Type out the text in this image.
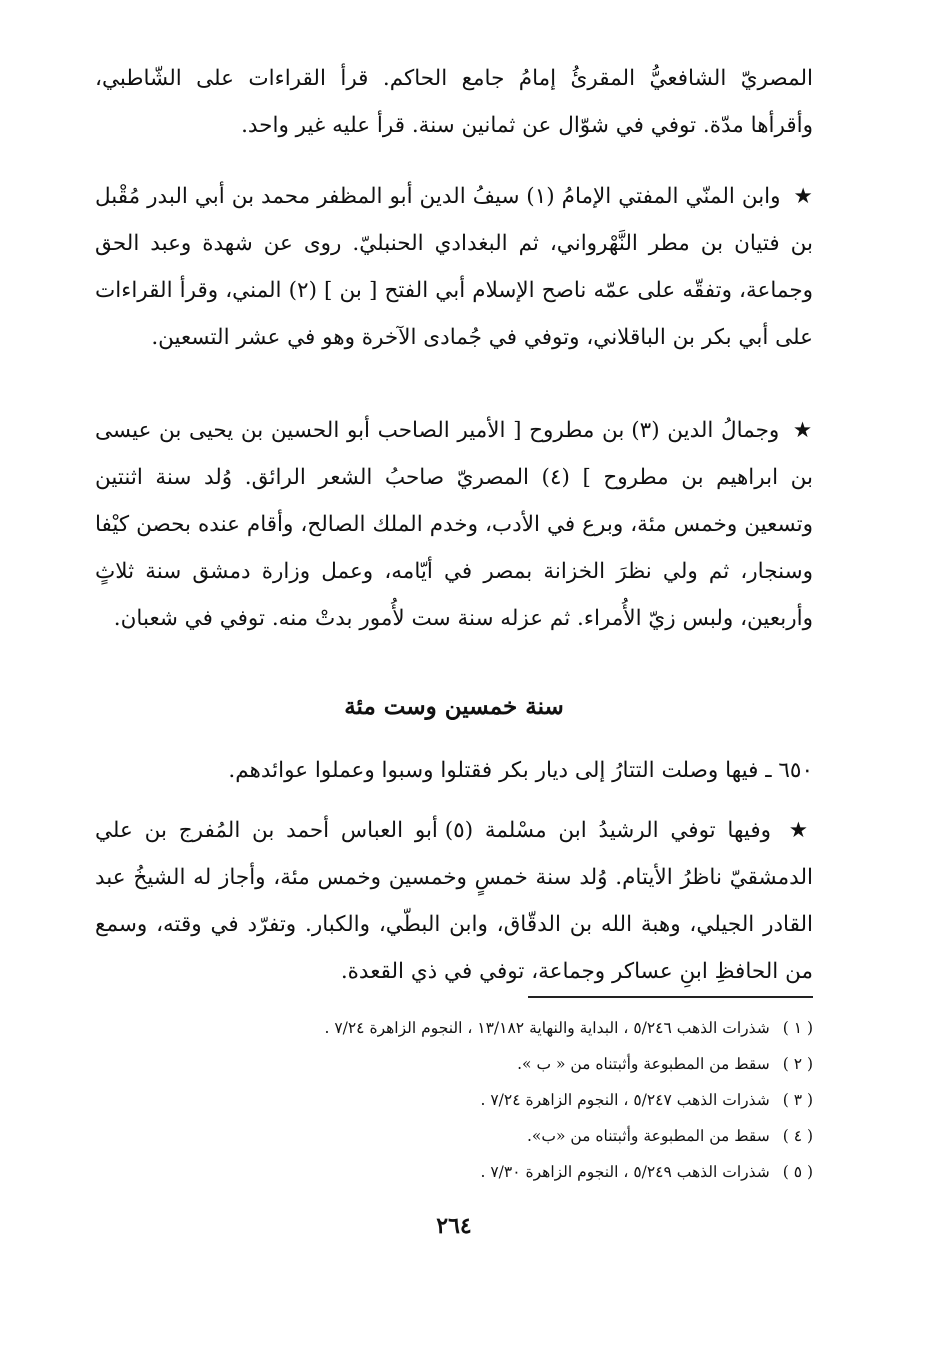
المصريّ الشافعيُّ المقرئُ إمامُ جامع الحاكم. قرأ القراءات على الشّاطبي، وأقرأها مدّة. توفي في شوّال عن ثمانين سنة. قرأ عليه غير واحد.

★ وابن المنّي المفتي الإمامُ (١) سيفُ الدين أبو المظفر محمد بن أبي البدر مُقْبل بن فتيان بن مطر النَّهْرواني، ثم البغدادي الحنبليّ. روى عن شهدة وعبد الحق وجماعة، وتفقّه على عمّه ناصح الإسلام أبي الفتح [ بن ] (٢) المني، وقرأ القراءات على أبي بكر بن الباقلاني، وتوفي في جُمادى الآخرة وهو في عشر التسعين.

★ وجمالُ الدين (٣) بن مطروح [ الأمير الصاحب أبو الحسين بن يحيى بن عيسى بن ابراهيم بن مطروح ] (٤) المصريّ صاحبُ الشعر الرائق. وُلد سنة اثنتين وتسعين وخمس مئة، وبرع في الأدب، وخدم الملك الصالح، وأقام عنده بحصن كيْفا وسنجار، ثم ولي نظرَ الخزانة بمصر في أيّامه، وعمل وزارة دمشق سنة ثلاثٍ وأربعين، ولبس زيّ الأُمراء. ثم عزله سنة ست لأُمور بدتْ منه. توفي في شعبان.

سنة خمسين وست مئة

٦٥٠ ـ فيها وصلت التتارُ إلى ديار بكر فقتلوا وسبوا وعملوا عوائدهم.

★ وفيها توفي الرشيدُ ابن مسْلمة (٥) أبو العباس أحمد بن المُفرج بن علي الدمشقيّ ناظرُ الأيتام. وُلد سنة خمسٍ وخمسين وخمس مئة، وأجاز له الشيخُ عبد القادر الجيلي، وهبة الله بن الدقّاق، وابن البطّي، والكبار. وتفرّد في وقته، وسمع من الحافظِ ابنِ عساكر وجماعة، توفي في ذي القعدة.

( ١ ) شذرات الذهب ٥/٢٤٦ ، البداية والنهاية ١٣/١٨٢ ، النجوم الزاهرة ٧/٢٤ .

( ٢ ) سقط من المطبوعة وأثبتناه من « ب ».

( ٣ ) شذرات الذهب ٥/٢٤٧ ، النجوم الزاهرة ٧/٢٤ .

( ٤ ) سقط من المطبوعة وأثبتناه من «ب».

( ٥ ) شذرات الذهب ٥/٢٤٩ ، النجوم الزاهرة ٧/٣٠ .

٢٦٤
